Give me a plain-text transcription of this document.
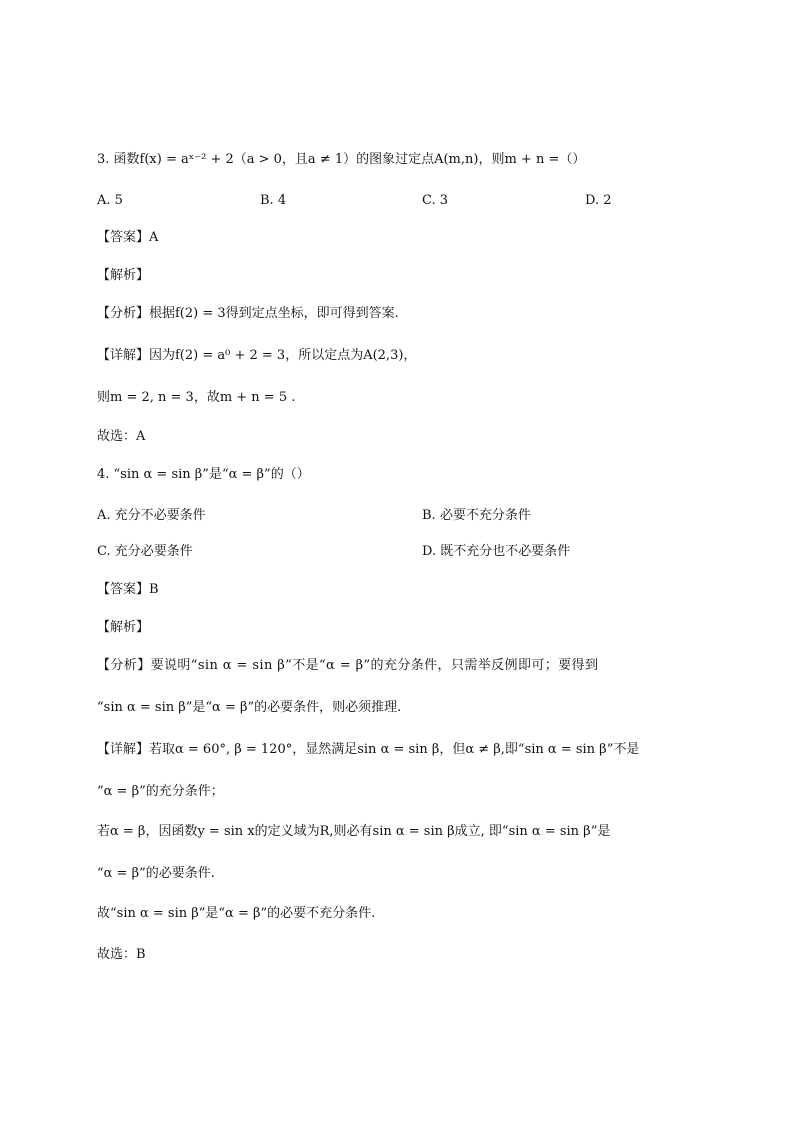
3. 函数f(x) = aˣ⁻² + 2（a > 0，且a ≠ 1）的图象过定点A(m,n)，则m + n =（）
A. 5	B. 4	C. 3	D. 2
【答案】A
【解析】
【分析】根据f(2) = 3得到定点坐标，即可得到答案.
【详解】因为f(2) = a⁰ + 2 = 3，所以定点为A(2,3)，
则m = 2, n = 3，故m + n = 5 .
故选：A
4. “sin α = sin β”是“α = β”的（）
A. 充分不必要条件	B. 必要不充分条件
C. 充分必要条件	D. 既不充分也不必要条件
【答案】B
【解析】
【分析】要说明“sin α = sin β”不是“α = β”的充分条件，只需举反例即可；要得到
“sin α = sin β”是“α = β”的必要条件，则必须推理.
【详解】若取α = 60°, β = 120°，显然满足sin α = sin β，但α ≠ β,即“sin α = sin β”不是
“α = β”的充分条件；
若α = β，因函数y = sin x的定义域为R,则必有sin α = sin β成立, 即“sin α = sin β”是
“α = β”的必要条件.
故“sin α = sin β”是“α = β”的必要不充分条件.
故选：B
